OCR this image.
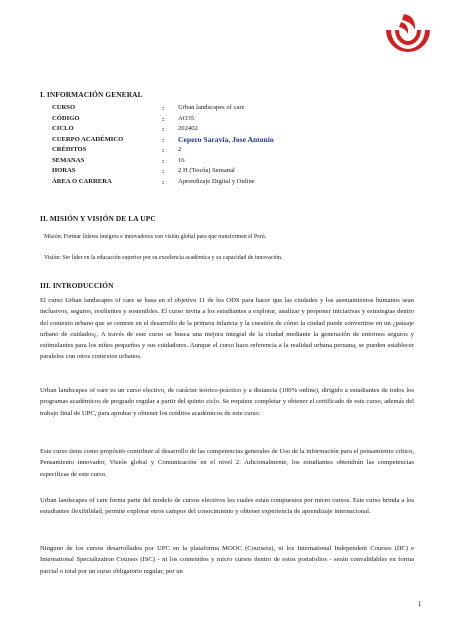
I. INFORMACIÓN GENERAL
CURSO	: Urban landscapes of care
CÓDIGO	: AO35
CICLO	: 202402
CUERPO ACADÉMICO	: Cepero Saravia, Jose Antonio
CRÉDITOS	: 2
SEMANAS	: 16
HORAS	: 2 H (Teoría) Semanal
ÁREA O CARRERA	: Aprendizaje Digital y Online
II. MISIÓN Y VISIÓN DE LA UPC
Misión: Formar líderes íntegros e innovadores con visión global para que transformen el Perú.
Visión: Ser líder en la educación superior por su excelencia académica y su capacidad de innovación.
III. INTRODUCCIÓN
El curso Urban landscapes of care se basa en el objetivo 11 de los ODS para hacer que las ciudades y los asentamientos humanos sean inclusivos, seguros, resilientes y sostenibles. El curso invita a los estudiantes a explorar, analizar y proponer iniciativas y estrategias dentro del contexto urbano que se centren en el desarrollo de la primera infancia y la cuestión de cómo la ciudad puede convertirse en un ¿paisaje urbano de cuidados¿. A través de este curso se busca una mejora integral de la ciudad mediante la generación de entornos seguros y estimulantes para los niños pequeños y sus cuidadores. Aunque el curso hace referencia a la realidad urbana peruana, se pueden establecer paralelos con otros contextos urbanos.
Urban landscapes of care es un curso electivo, de carácter teórico-práctico y a distancia (100% online), dirigido a estudiantes de todos los programas académicos de pregrado regular a partir del quinto ciclo. Se requiere completar y obtener el certificado de este curso, además del trabajo final de UPC, para aprobar y obtener los créditos académicos de este curso.
Este curso tiene como propósito contribuir al desarrollo de las competencias generales de Uso de la información para el pensamiento crítico, Pensamiento innovador, Visión global y Comunicación en el nivel 2. Adicionalmente, los estudiantes obtendrán las competencias específicas de este curso.
Urban landscapes of care forma parte del modelo de cursos electivos los cuales están compuestos por micro cursos. Este curso brinda a los estudiantes flexibilidad, permite explorar otros campos del conocimiento y obtener experiencia de aprendizaje internacional.
Ninguno de los cursos desarrollados por UPC en la plataforma MOOC (Coursera), ni los International Independent Courses (IIC) e International Specialization Courses (ISC) - ni los contenidos y micro cursos dentro de estos portafolios - serán convalidables en forma parcial o total por un curso obligatorio regular, por un
1
